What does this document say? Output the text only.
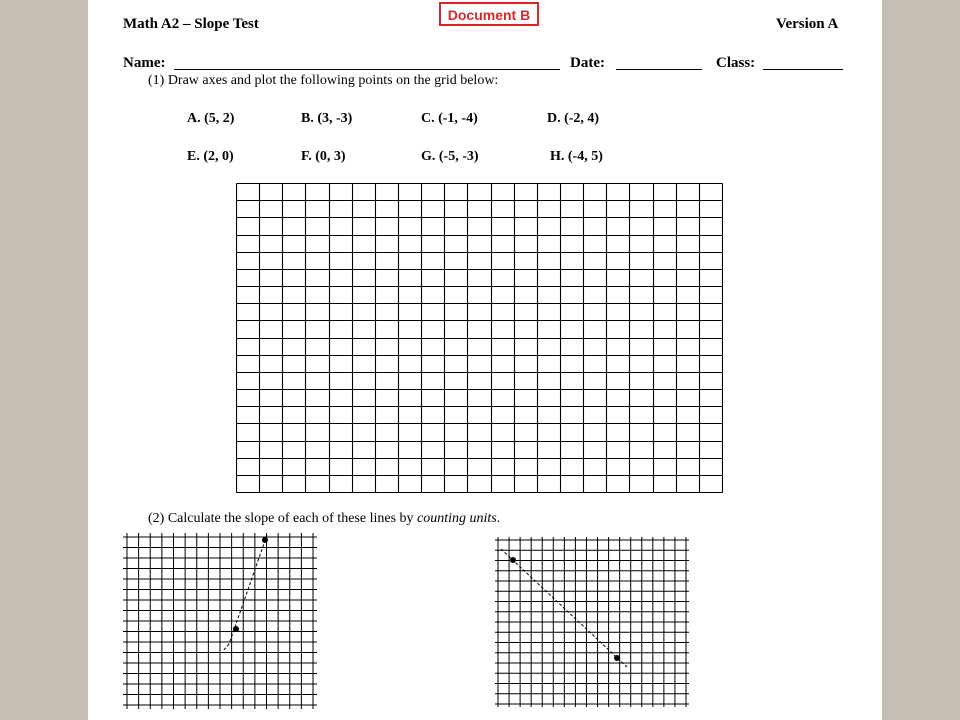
Document B
Math A2 – Slope Test	Version A
Name:	Date:	Class:
(1) Draw axes and plot the following points on the grid below:
A. (5, 2)	B. (3, -3)	C. (-1, -4)	D. (-2, 4)
E. (2, 0)	F. (0, 3)	G. (-5, -3)	H. (-4, 5)
(2) Calculate the slope of each of these lines by counting units.
